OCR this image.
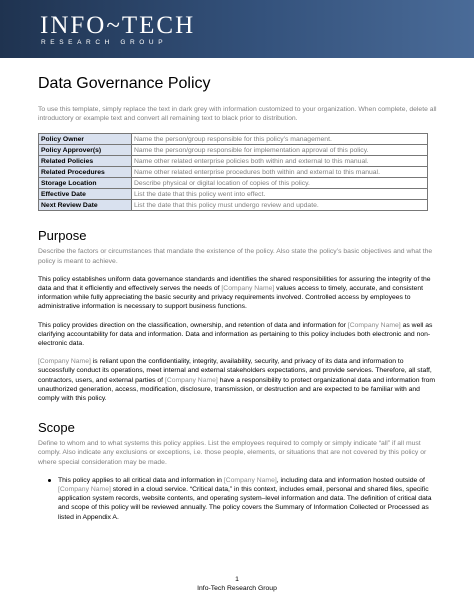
INFO~TECH
RESEARCH GROUP
Data Governance Policy

To use this template, simply replace the text in dark grey with information customized to your organization. When complete, delete all introductory or example text and convert all remaining text to black prior to distribution.

Policy Owner	Name the person/group responsible for this policy’s management.
Policy Approver(s)	Name the person/group responsible for implementation approval of this policy.
Related Policies	Name other related enterprise policies both within and external to this manual.
Related Procedures	Name other related enterprise procedures both within and external to this manual.
Storage Location	Describe physical or digital location of copies of this policy.
Effective Date	List the date that this policy went into effect.
Next Review Date	List the date that this policy must undergo review and update.
Purpose

Describe the factors or circumstances that mandate the existence of the policy. Also state the policy’s basic objectives and what the policy is meant to achieve.

This policy establishes uniform data governance standards and identifies the shared responsibilities for assuring the integrity of the data and that it efficiently and effectively serves the needs of [Company Name] values access to timely, accurate, and consistent information while fully appreciating the basic security and privacy requirements involved. Controlled access by employees to administrative information is necessary to support business functions.

This policy provides direction on the classification, ownership, and retention of data and information for [Company Name] as well as clarifying accountability for data and information. Data and information as pertaining to this policy includes both electronic and non-electronic data.

[Company Name] is reliant upon the confidentiality, integrity, availability, security, and privacy of its data and information to successfully conduct its operations, meet internal and external stakeholders expectations, and provide services. Therefore, all staff, contractors, users, and external parties of [Company Name] have a responsibility to protect organizational data and information from unauthorized generation, access, modification, disclosure, transmission, or destruction and are expected to be familiar with and comply with this policy.

Scope

Define to whom and to what systems this policy applies. List the employees required to comply or simply indicate “all” if all must comply. Also indicate any exclusions or exceptions, i.e. those people, elements, or situations that are not covered by this policy or where special consideration may be made.

This policy applies to all critical data and information in [Company Name], including data and information hosted outside of [Company Name] stored in a cloud service. “Critical data,” in this context, includes email, personal and shared files, specific application system records, website contents, and operating system–level information and data. The definition of critical data and scope of this policy will be reviewed annually. The policy covers the Summary of Information Collected or Processed as listed in Appendix A.
1
Info-Tech Research Group
